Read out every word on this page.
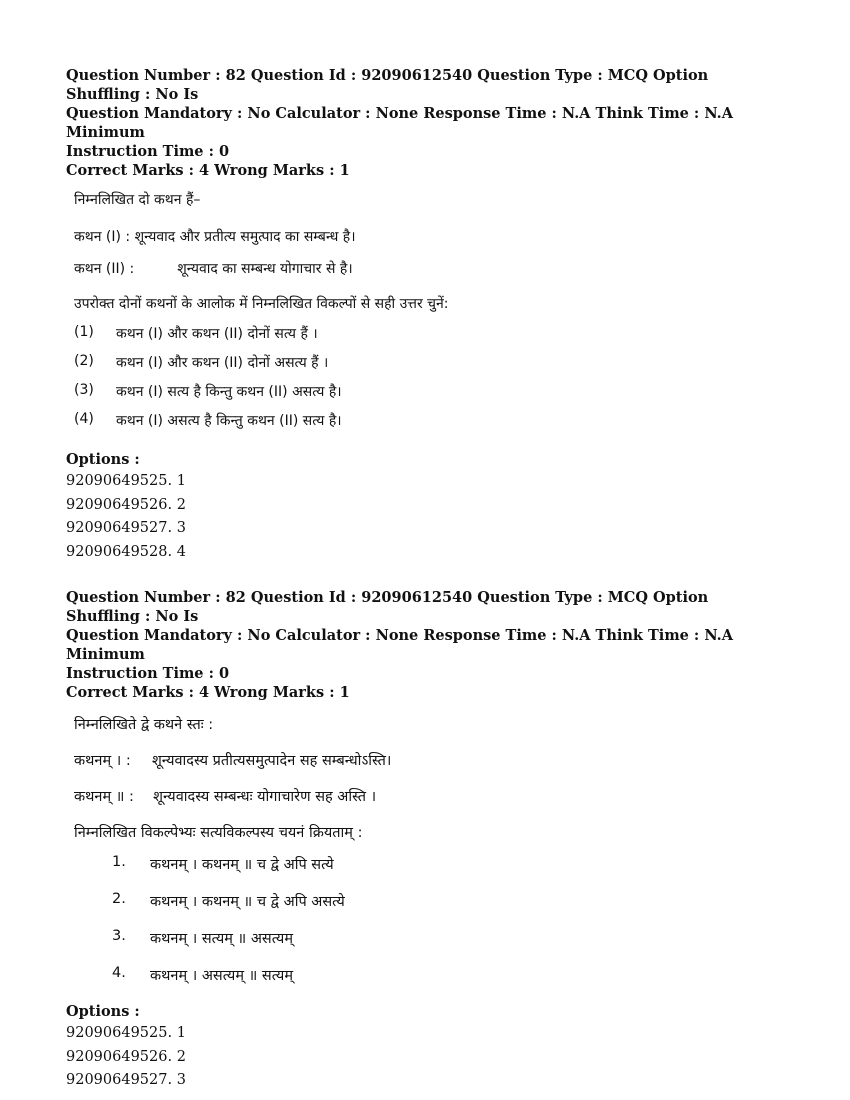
Question Number : 82 Question Id : 92090612540 Question Type : MCQ Option Shuffling : No Is

Question Mandatory : No Calculator : None Response Time : N.A Think Time : N.A Minimum

Instruction Time : 0

Correct Marks : 4 Wrong Marks : 1

निम्नलिखित दो कथन हैं–

कथन (I) : शून्यवाद और प्रतीत्य समुत्पाद का सम्बन्ध है।

कथन (II) :	शून्यवाद का सम्बन्ध योगाचार से है।

उपरोक्त दोनों कथनों के आलोक में निम्नलिखित विकल्पों से सही उत्तर चुनें:

(1)	कथन (I) और कथन (II) दोनों सत्य हैं ।
(2)	कथन (I) और कथन (II) दोनों असत्य हैं ।
(3)	कथन (I) सत्य है किन्तु कथन (II) असत्य है।
(4)	कथन (I) असत्य है किन्तु कथन (II) सत्य है।
Options :
92090649525. 1
92090649526. 2
92090649527. 3
92090649528. 4

Question Number : 82 Question Id : 92090612540 Question Type : MCQ Option Shuffling : No Is

Question Mandatory : No Calculator : None Response Time : N.A Think Time : N.A Minimum

Instruction Time : 0

Correct Marks : 4 Wrong Marks : 1

निम्नलिखिते द्वे कथने स्तः :

कथनम् । : शून्यवादस्य प्रतीत्यसमुत्पादेन सह सम्बन्धोऽस्ति।

कथनम् ॥ : शून्यवादस्य सम्बन्धः योगाचारेण सह अस्ति ।

निम्नलिखित विकल्पेभ्यः सत्यविकल्पस्य चयनं क्रियताम् :

1.	कथनम् । कथनम् ॥ च द्वे अपि सत्ये
2.	कथनम् । कथनम् ॥ च द्वे अपि असत्ये
3.	कथनम् । सत्यम् ॥ असत्यम्
4.	कथनम् । असत्यम् ॥ सत्यम्
Options :
92090649525. 1
92090649526. 2
92090649527. 3
